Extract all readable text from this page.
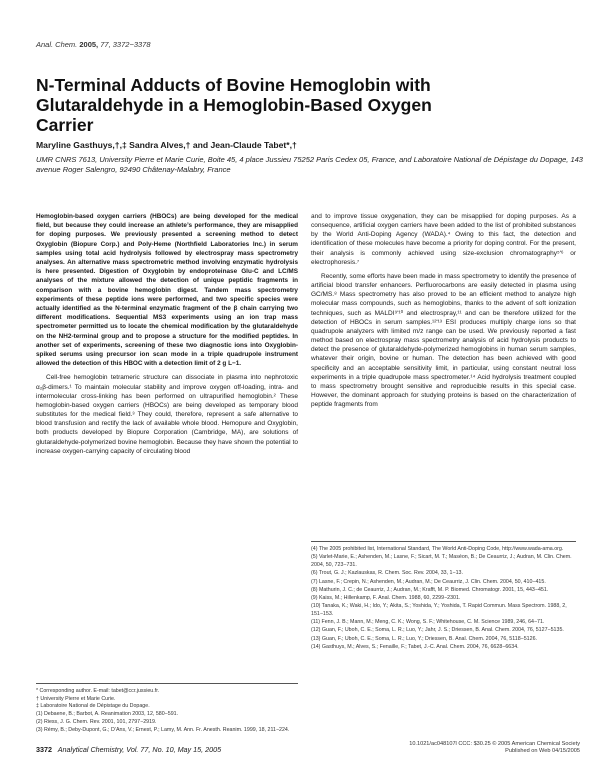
Anal. Chem. 2005, 77, 3372−3378
N-Terminal Adducts of Bovine Hemoglobin with Glutaraldehyde in a Hemoglobin-Based Oxygen Carrier
Maryline Gasthuys,†,‡ Sandra Alves,† and Jean-Claude Tabet*,†
UMR CNRS 7613, University Pierre et Marie Curie, Boite 45, 4 place Jussieu 75252 Paris Cedex 05, France, and Laboratoire National de Dépistage du Dopage, 143 avenue Roger Salengro, 92490 Châtenay-Malabry, France

Hemoglobin-based oxygen carriers (HBOCs) are being developed for the medical field, but because they could increase an athlete’s performance, they are misapplied for doping purposes. We previously presented a screening method to detect Oxyglobin (Biopure Corp.) and Poly-Heme (Northfield Laboratories Inc.) in serum samples using total acid hydrolysis followed by electrospray mass spectrometry analyses. An alternative mass spectrometric method involving enzymatic hydrolysis is here presented. Digestion of Oxyglobin by endoproteinase Glu-C and LC/MS analyses of the mixture allowed the detection of unique peptidic fragments in comparison with a bovine hemoglobin digest. Tandem mass spectrometry experiments of these peptide ions were performed, and two specific species were actually identified as the N-terminal enzymatic fragment of the β chain carrying two different modifications. Sequential MS3 experiments using an ion trap mass spectrometer permitted us to locate the chemical modification by the glutaraldehyde on the NH2-terminal group and to propose a structure for the modified peptides. In another set of experiments, screening of these two diagnostic ions into Oxyglobin-spiked serums using precursor ion scan mode in a triple quadrupole instrument allowed the detection of this HBOC with a detection limit of 2 g L−1.

Cell-free hemoglobin tetrameric structure can dissociate in plasma into nephrotoxic α₂β-dimers.¹ To maintain molecular stability and improve oxygen off-loading, intra- and intermolecular cross-linking has been performed on ultrapurified hemoglobin.² These hemoglobin-based oxygen carriers (HBOCs) are being developed as temporary blood substitutes for the medical field.³ They could, therefore, represent a safe alternative to blood transfusion and rectify the lack of available whole blood. Hemopure and Oxyglobin, both products developed by Biopure Corporation (Cambridge, MA), are solutions of glutaraldehyde-polymerized bovine hemoglobin. Because they have shown the potential to increase oxygen-carrying capacity of circulating blood

and to improve tissue oxygenation, they can be misapplied for doping purposes. As a consequence, artificial oxygen carriers have been added to the list of prohibited substances by the World Anti-Doping Agency (WADA).⁴ Owing to this fact, the detection and identification of these molecules have become a priority for doping control. For the present, their analysis is commonly achieved using size-exclusion chromatography⁵ʹ⁶ or electrophoresis.⁷

Recently, some efforts have been made in mass spectrometry to identify the presence of artificial blood transfer enhancers. Perfluorocarbons are easily detected in plasma using GC/MS.⁸ Mass spectrometry has also proved to be an efficient method to analyze high molecular mass compounds, such as hemoglobins, thanks to the advent of soft ionization techniques, such as MALDI⁹ʹ¹⁰ and electrospray,¹¹ and can be therefore utilized for the detection of HBOCs in serum samples.¹²ʹ¹³ ESI produces multiply charge ions so that quadrupole analyzers with limited m/z range can be used. We previously reported a fast method based on electrospray mass spectrometry analysis of acid hydrolysis products to detect the presence of glutaraldehyde-polymerized hemoglobins in human serum samples, whatever their origin, bovine or human. The detection has been achieved with good specificity and an acceptable sensitivity limit, in particular, using constant neutral loss experiments in a triple quadrupole mass spectrometer.¹⁴ Acid hydrolysis treatment coupled to mass spectrometry brought sensitive and reproducible results in this special case. However, the dominant approach for studying proteins is based on the characterization of peptide fragments from

* Corresponding author. E-mail: tabet@ccr.jussieu.fr.
† University Pierre et Marie Curie.
‡ Laboratoire National de Dépistage du Dopage.
(1) Debaene, B.; Barbot, A. Reanimation 2003, 12, 580−591.
(2) Riess, J. G. Chem. Rev. 2001, 101, 2797−2919.
(3) Rémy, B.; Deby-Dupont, G.; D’Ans, V.; Ernest, P.; Lamy, M. Ann. Fr. Anesth. Reanim. 1999, 18, 211−224.
(4) The 2005 prohibited list, International Standard, The World Anti-Doping Code, http://www.wada-ama.org.
(5) Varlet-Marie, E.; Ashenden, M.; Lasne, F.; Sicart, M. T.; Maséon, B.; De Ceaurriz, J.; Audran, M. Clin. Chem. 2004, 50, 723−731.
(6) Trout, G. J.; Kazlauskas, R. Chem. Soc. Rev. 2004, 33, 1−13.
(7) Lasne, F.; Crepin, N.; Ashenden, M.; Audran, M.; De Ceaurriz, J. Clin. Chem. 2004, 50, 410−415.
(8) Mathurin, J. C.; de Ceaurriz, J.; Audran, M.; Krafft, M. P. Biomed. Chromatogr. 2001, 15, 443−451.
(9) Kaiss, M.; Hillenkamp, F. Anal. Chem. 1988, 60, 2299−2301.
(10) Tanaka, K.; Waki, H.; Ido, Y.; Akita, S.; Yoshida, Y.; Yoshida, T. Rapid Commun. Mass Spectrom. 1988, 2, 151−153.
(11) Fenn, J. B.; Mann, M.; Meng, C. K.; Wong, S. F.; Whitehouse, C. M. Science 1989, 246, 64−71.
(12) Guan, F.; Uboh, C. E.; Soma, L. R.; Luo, Y.; Jahr, J. S.; Driessen, B. Anal. Chem. 2004, 76, 5127−5135.
(13) Guan, F.; Uboh, C. E.; Soma, L. R.; Luo, Y.; Driessen, B. Anal. Chem. 2004, 76, 5118−5126.
(14) Gasthuys, M.; Alves, S.; Fenaille, F.; Tabet, J.-C. Anal. Chem. 2004, 76, 6628−6634.
3372 Analytical Chemistry, Vol. 77, No. 10, May 15, 2005
10.1021/ac048107l CCC: $30.25 © 2005 American Chemical Society
Published on Web 04/15/2005
